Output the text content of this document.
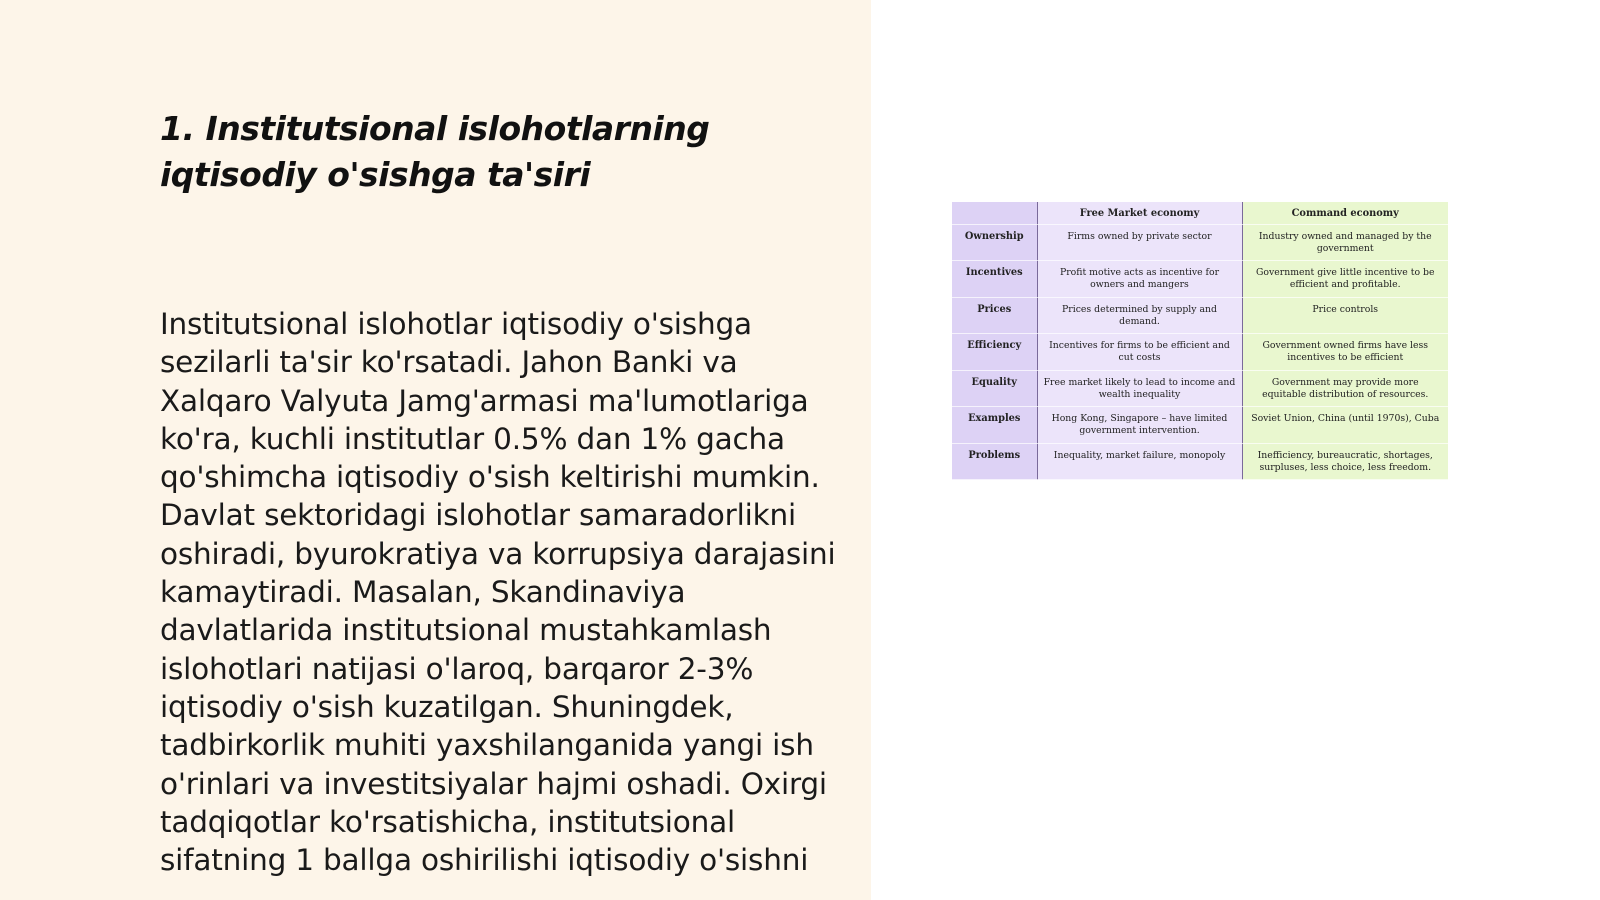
1. Institutsional islohotlarning iqtisodiy o'sishga ta'siri

Institutsional islohotlar iqtisodiy o'sishga sezilarli ta'sir ko'rsatadi. Jahon Banki va Xalqaro Valyuta Jamg'armasi ma'lumotlariga ko'ra, kuchli institutlar 0.5% dan 1% gacha qo'shimcha iqtisodiy o'sish keltirishi mumkin. Davlat sektoridagi islohotlar samaradorlikni oshiradi, byurokratiya va korrupsiya darajasini kamaytiradi. Masalan, Skandinaviya davlatlarida institutsional mustahkamlash islohotlari natijasi o'laroq, barqaror 2-3% iqtisodiy o'sish kuzatilgan. Shuningdek, tadbirkorlik muhiti yaxshilanganida yangi ish o'rinlari va investitsiyalar hajmi oshadi. Oxirgi tadqiqotlar ko'rsatishicha, institutsional sifatning 1 ballga oshirilishi iqtisodiy o'sishni

	Free Market economy	Command economy
Ownership	Firms owned by private sector	Industry owned and managed by the government
Incentives	Profit motive acts as incentive for owners and mangers	Government give little incentive to be efficient and profitable.
Prices	Prices determined by supply and demand.	Price controls
Efficiency	Incentives for firms to be efficient and cut costs	Government owned firms have less incentives to be efficient
Equality	Free market likely to lead to income and wealth inequality	Government may provide more equitable distribution of resources.
Examples	Hong Kong, Singapore – have limited government intervention.	Soviet Union, China (until 1970s), Cuba
Problems	Inequality, market failure, monopoly	Inefficiency, bureaucratic, shortages, surpluses, less choice, less freedom.
